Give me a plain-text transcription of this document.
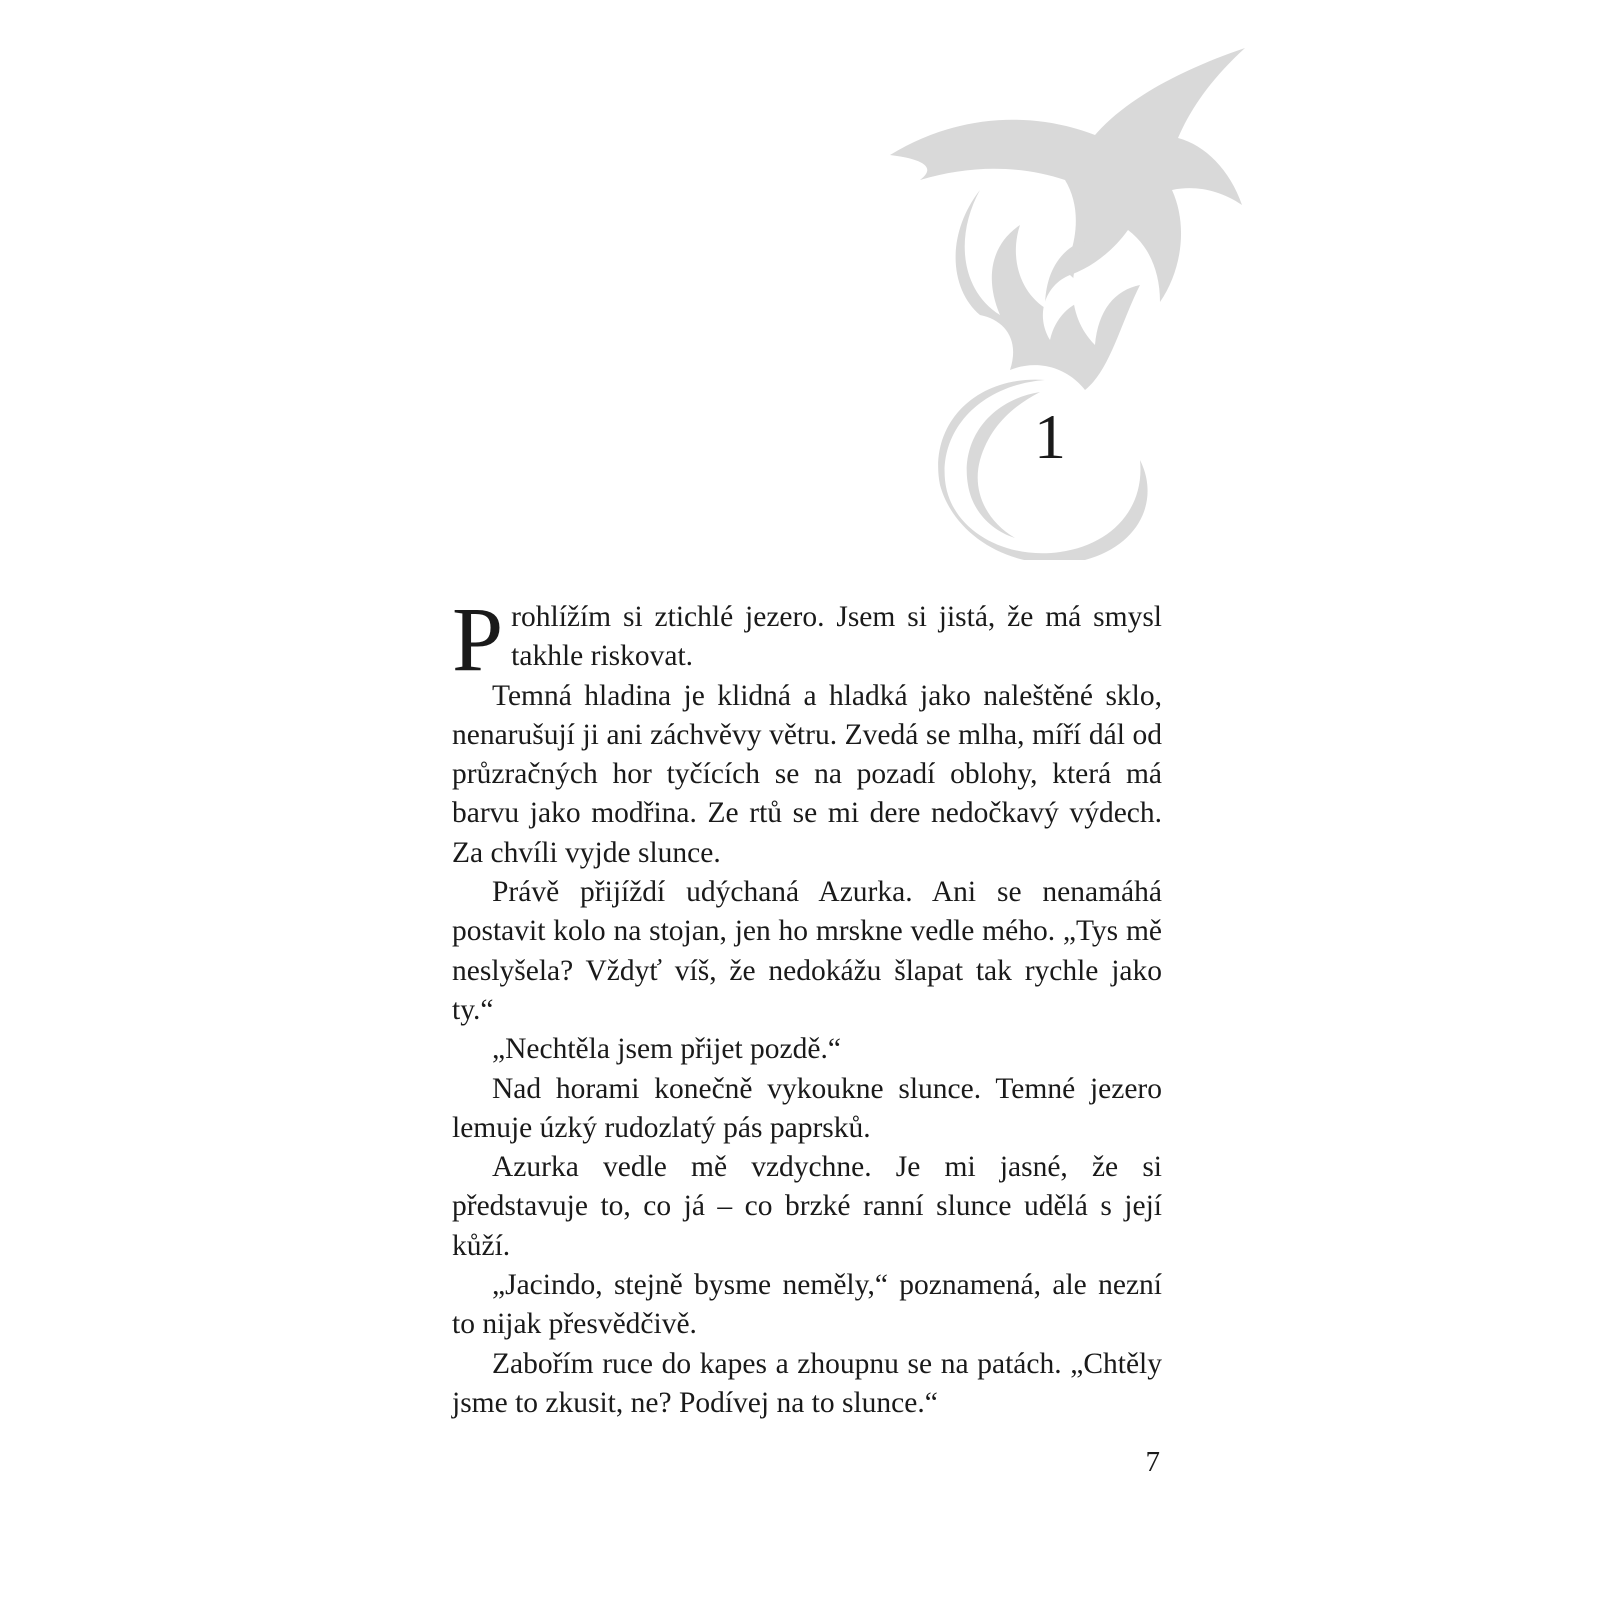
1

Prohlížím si ztichlé jezero. Jsem si jistá, že má smysl takhle riskovat.

Temná hladina je klidná a hladká jako naleštěné sklo, nenarušují ji ani záchvěvy větru. Zvedá se mlha, míří dál od průzračných hor tyčících se na pozadí oblohy, která má barvu jako modřina. Ze rtů se mi dere nedočkavý výdech. Za chvíli vyjde slunce.

Právě přijíždí udýchaná Azurka. Ani se nenamáhá postavit kolo na stojan, jen ho mrskne vedle mého. „Tys mě neslyšela? Vždyť víš, že nedokážu šlapat tak rychle jako ty.“

„Nechtěla jsem přijet pozdě.“

Nad horami konečně vykoukne slunce. Temné jezero lemuje úzký rudozlatý pás paprsků.

Azurka vedle mě vzdychne. Je mi jasné, že si představuje to, co já – co brzké ranní slunce udělá s její kůží.

„Jacindo, stejně bysme neměly,“ poznamená, ale nezní to nijak přesvědčivě.

Zabořím ruce do kapes a zhoupnu se na patách. „Chtěly jsme to zkusit, ne? Podívej na to slunce.“

7
